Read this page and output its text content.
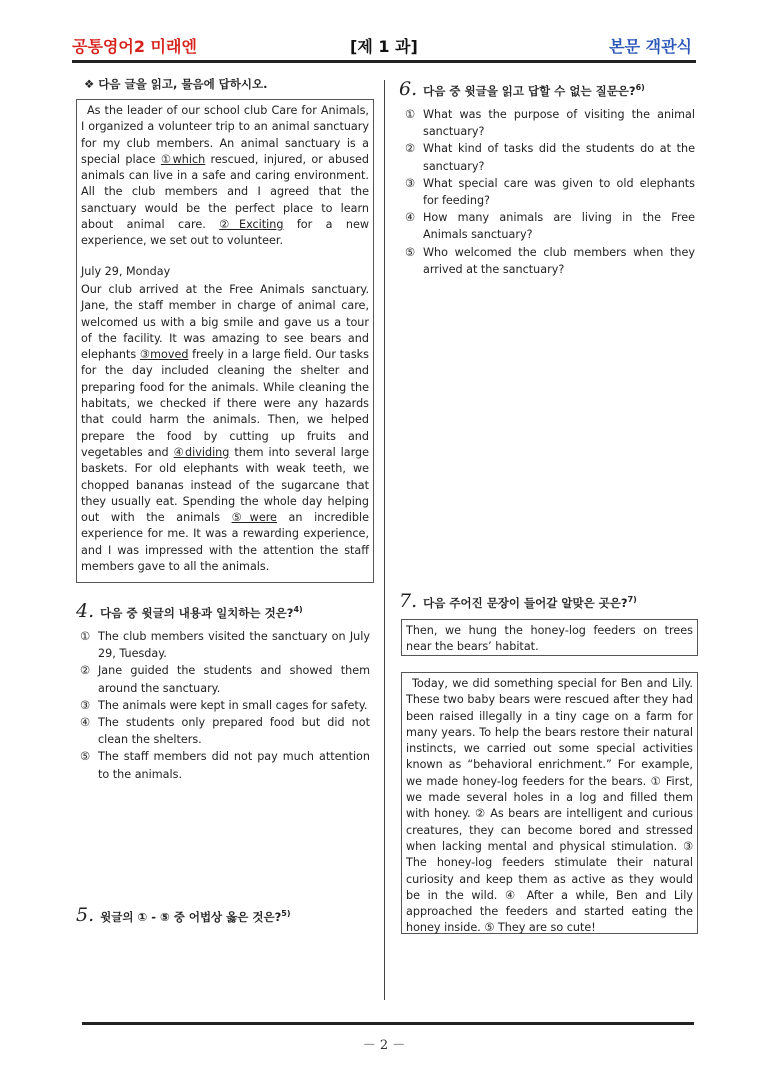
공통영어2 미래엔	[제 1 과]	본문 객관식
❖ 다음 글을 읽고, 물음에 답하시오.

As the leader of our school club Care for Animals, I organized a volunteer trip to an animal sanctuary for my club members. An animal sanctuary is a special place ①which rescued, injured, or abused animals can live in a safe and caring environment. All the club members and I agreed that the sanctuary would be the perfect place to learn about animal care. ②Exciting for a new experience, we set out to volunteer.

July 29, Monday

Our club arrived at the Free Animals sanctuary. Jane, the staff member in charge of animal care, welcomed us with a big smile and gave us a tour of the facility. It was amazing to see bears and elephants ③moved freely in a large field. Our tasks for the day included cleaning the shelter and preparing food for the animals. While cleaning the habitats, we checked if there were any hazards that could harm the animals. Then, we helped prepare the food by cutting up fruits and vegetables and ④dividing them into several large baskets. For old elephants with weak teeth, we chopped bananas instead of the sugarcane that they usually eat. Spending the whole day helping out with the animals ⑤were an incredible experience for me. It was a rewarding experience, and I was impressed with the attention the staff members gave to all the animals.

4. 다음 중 윗글의 내용과 일치하는 것은?$^{4)}$
① The club members visited the sanctuary on July 29, Tuesday.
② Jane guided the students and showed them around the sanctuary.
③ The animals were kept in small cages for safety.
④ The students only prepared food but did not clean the shelters.
⑤ The staff members did not pay much attention to the animals.
5. 윗글의 ① - ⑤ 중 어법상 옳은 것은?$^{5)}$
6. 다음 중 윗글을 읽고 답할 수 없는 질문은?$^{6)}$
① What was the purpose of visiting the animal sanctuary?
② What kind of tasks did the students do at the sanctuary?
③ What special care was given to old elephants for feeding?
④ How many animals are living in the Free Animals sanctuary?
⑤ Who welcomed the club members when they arrived at the sanctuary?
7. 다음 주어진 문장이 들어갈 알맞은 곳은?$^{7)}$

Then, we hung the honey-log feeders on trees near the bears’ habitat.

Today, we did something special for Ben and Lily. These two baby bears were rescued after they had been raised illegally in a tiny cage on a farm for many years. To help the bears restore their natural instincts, we carried out some special activities known as “behavioral enrichment.” For example, we made honey-log feeders for the bears. ① First, we made several holes in a log and filled them with honey. ② As bears are intelligent and curious creatures, they can become bored and stressed when lacking mental and physical stimulation. ③ The honey-log feeders stimulate their natural curiosity and keep them as active as they would be in the wild. ④ After a while, Ben and Lily approached the feeders and started eating the honey inside. ⑤ They are so cute!

－ 2 －
